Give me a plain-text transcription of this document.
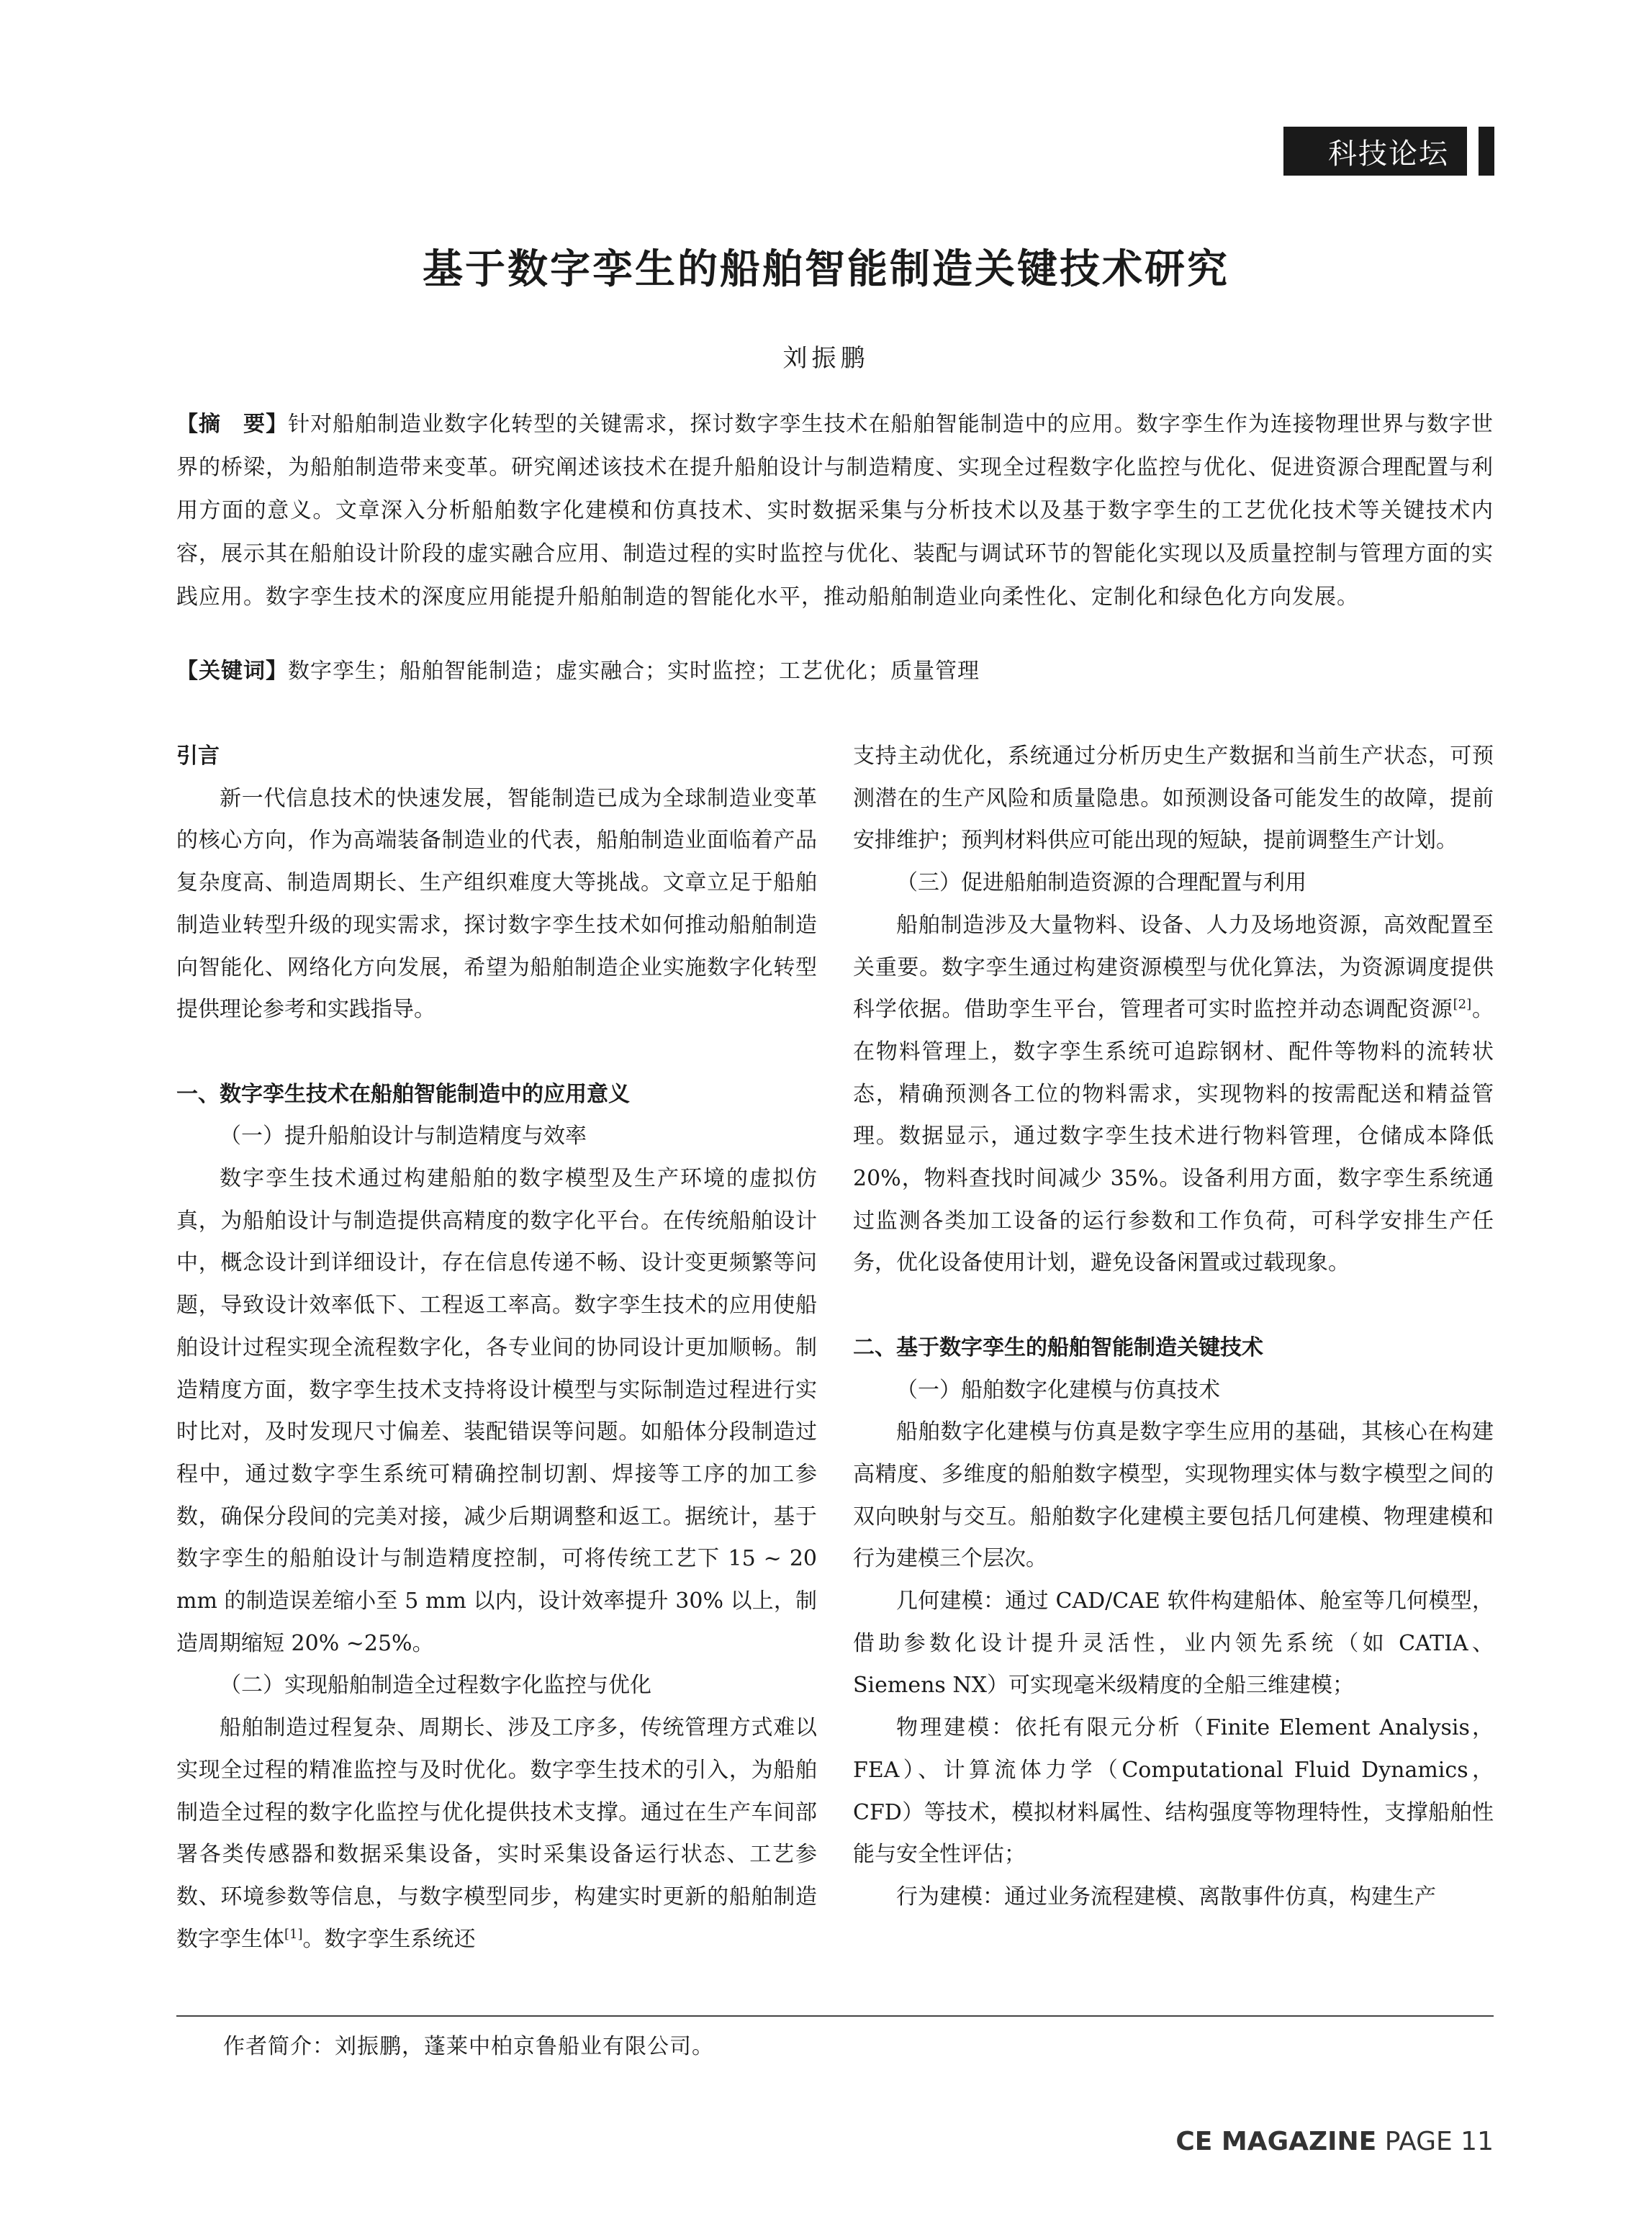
科技论坛
基于数字孪生的船舶智能制造关键技术研究
刘振鹏
【摘　要】针对船舶制造业数字化转型的关键需求，探讨数字孪生技术在船舶智能制造中的应用。数字孪生作为连接物理世界与数字世界的桥梁，为船舶制造带来变革。研究阐述该技术在提升船舶设计与制造精度、实现全过程数字化监控与优化、促进资源合理配置与利用方面的意义。文章深入分析船舶数字化建模和仿真技术、实时数据采集与分析技术以及基于数字孪生的工艺优化技术等关键技术内容，展示其在船舶设计阶段的虚实融合应用、制造过程的实时监控与优化、装配与调试环节的智能化实现以及质量控制与管理方面的实践应用。数字孪生技术的深度应用能提升船舶制造的智能化水平，推动船舶制造业向柔性化、定制化和绿色化方向发展。
【关键词】数字孪生；船舶智能制造；虚实融合；实时监控；工艺优化；质量管理
引言

新一代信息技术的快速发展，智能制造已成为全球制造业变革的核心方向，作为高端装备制造业的代表，船舶制造业面临着产品复杂度高、制造周期长、生产组织难度大等挑战。文章立足于船舶制造业转型升级的现实需求，探讨数字孪生技术如何推动船舶制造向智能化、网络化方向发展，希望为船舶制造企业实施数字化转型提供理论参考和实践指导。

一、数字孪生技术在船舶智能制造中的应用意义
（一）提升船舶设计与制造精度与效率

数字孪生技术通过构建船舶的数字模型及生产环境的虚拟仿真，为船舶设计与制造提供高精度的数字化平台。在传统船舶设计中，概念设计到详细设计，存在信息传递不畅、设计变更频繁等问题，导致设计效率低下、工程返工率高。数字孪生技术的应用使船舶设计过程实现全流程数字化，各专业间的协同设计更加顺畅。制造精度方面，数字孪生技术支持将设计模型与实际制造过程进行实时比对，及时发现尺寸偏差、装配错误等问题。如船体分段制造过程中，通过数字孪生系统可精确控制切割、焊接等工序的加工参数，确保分段间的完美对接，减少后期调整和返工。据统计，基于数字孪生的船舶设计与制造精度控制，可将传统工艺下 15 ~ 20 mm 的制造误差缩小至 5 mm 以内，设计效率提升 30% 以上，制造周期缩短 20% ~25%。

（二）实现船舶制造全过程数字化监控与优化

船舶制造过程复杂、周期长、涉及工序多，传统管理方式难以实现全过程的精准监控与及时优化。数字孪生技术的引入，为船舶制造全过程的数字化监控与优化提供技术支撑。通过在生产车间部署各类传感器和数据采集设备，实时采集设备运行状态、工艺参数、环境参数等信息，与数字模型同步，构建实时更新的船舶制造数字孪生体[1]。数字孪生系统还

支持主动优化，系统通过分析历史生产数据和当前生产状态，可预测潜在的生产风险和质量隐患。如预测设备可能发生的故障，提前安排维护；预判材料供应可能出现的短缺，提前调整生产计划。

（三）促进船舶制造资源的合理配置与利用

船舶制造涉及大量物料、设备、人力及场地资源，高效配置至关重要。数字孪生通过构建资源模型与优化算法，为资源调度提供科学依据。借助孪生平台，管理者可实时监控并动态调配资源[2]。在物料管理上，数字孪生系统可追踪钢材、配件等物料的流转状态，精确预测各工位的物料需求，实现物料的按需配送和精益管理。数据显示，通过数字孪生技术进行物料管理，仓储成本降低 20%，物料查找时间减少 35%。设备利用方面，数字孪生系统通过监测各类加工设备的运行参数和工作负荷，可科学安排生产任务，优化设备使用计划，避免设备闲置或过载现象。

二、基于数字孪生的船舶智能制造关键技术
（一）船舶数字化建模与仿真技术

船舶数字化建模与仿真是数字孪生应用的基础，其核心在构建高精度、多维度的船舶数字模型，实现物理实体与数字模型之间的双向映射与交互。船舶数字化建模主要包括几何建模、物理建模和行为建模三个层次。

几何建模：通过 CAD/CAE 软件构建船体、舱室等几何模型，借助参数化设计提升灵活性，业内领先系统（如 CATIA、Siemens NX）可实现毫米级精度的全船三维建模；

物理建模：依托有限元分析（Finite Element Analysis，FEA）、计算流体力学（Computational Fluid Dynamics，CFD）等技术，模拟材料属性、结构强度等物理特性，支撑船舶性能与安全性评估；

行为建模：通过业务流程建模、离散事件仿真，构建生产

作者简介：刘振鹏，蓬莱中柏京鲁船业有限公司。
CE MAGAZINE PAGE 11
